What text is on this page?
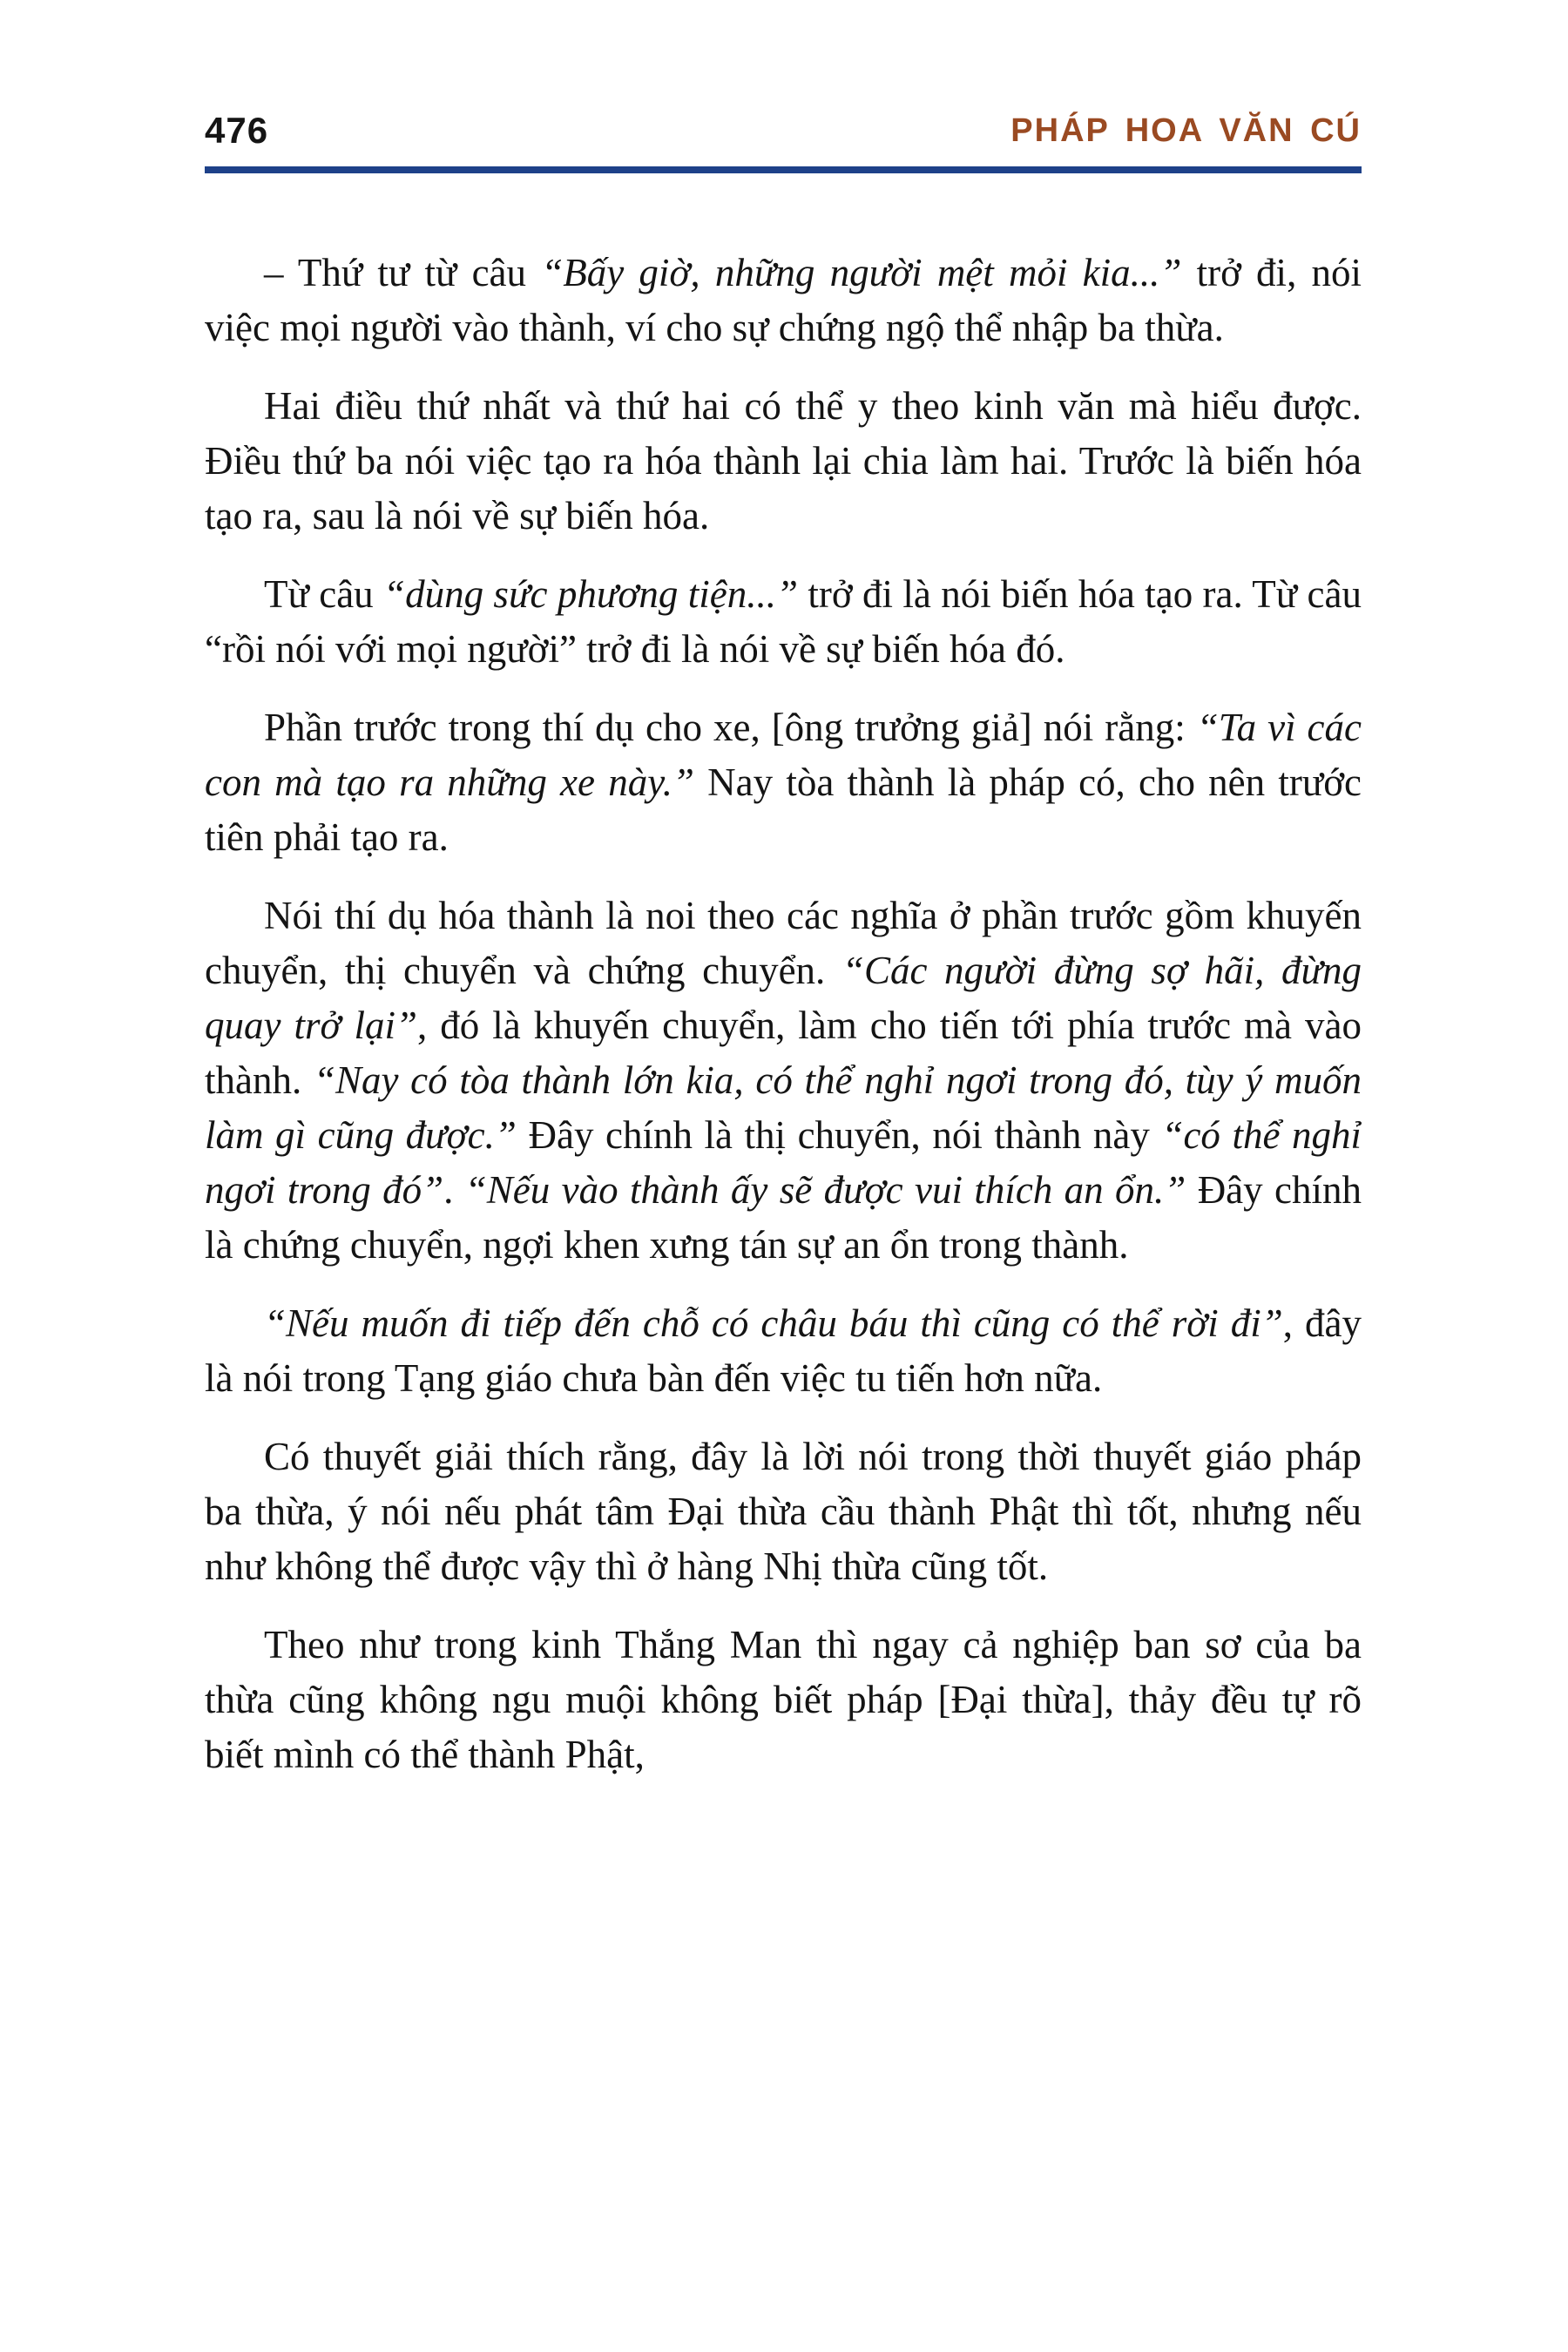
476	PHÁP HOA VĂN CÚ

– Thứ tư từ câu “Bấy giờ, những người mệt mỏi kia...” trở đi, nói việc mọi người vào thành, ví cho sự chứng ngộ thể nhập ba thừa.

Hai điều thứ nhất và thứ hai có thể y theo kinh văn mà hiểu được. Điều thứ ba nói việc tạo ra hóa thành lại chia làm hai. Trước là biến hóa tạo ra, sau là nói về sự biến hóa.

Từ câu “dùng sức phương tiện...” trở đi là nói biến hóa tạo ra. Từ câu “rồi nói với mọi người” trở đi là nói về sự biến hóa đó.

Phần trước trong thí dụ cho xe, [ông trưởng giả] nói rằng: “Ta vì các con mà tạo ra những xe này.” Nay tòa thành là pháp có, cho nên trước tiên phải tạo ra.

Nói thí dụ hóa thành là noi theo các nghĩa ở phần trước gồm khuyến chuyển, thị chuyển và chứng chuyển. “Các người đừng sợ hãi, đừng quay trở lại”, đó là khuyến chuyển, làm cho tiến tới phía trước mà vào thành. “Nay có tòa thành lớn kia, có thể nghỉ ngơi trong đó, tùy ý muốn làm gì cũng được.” Đây chính là thị chuyển, nói thành này “có thể nghỉ ngơi trong đó”. “Nếu vào thành ấy sẽ được vui thích an ổn.” Đây chính là chứng chuyển, ngợi khen xưng tán sự an ổn trong thành.

“Nếu muốn đi tiếp đến chỗ có châu báu thì cũng có thể rời đi”, đây là nói trong Tạng giáo chưa bàn đến việc tu tiến hơn nữa.

Có thuyết giải thích rằng, đây là lời nói trong thời thuyết giáo pháp ba thừa, ý nói nếu phát tâm Đại thừa cầu thành Phật thì tốt, nhưng nếu như không thể được vậy thì ở hàng Nhị thừa cũng tốt.

Theo như trong kinh Thắng Man thì ngay cả nghiệp ban sơ của ba thừa cũng không ngu muội không biết pháp [Đại thừa], thảy đều tự rõ biết mình có thể thành Phật,
